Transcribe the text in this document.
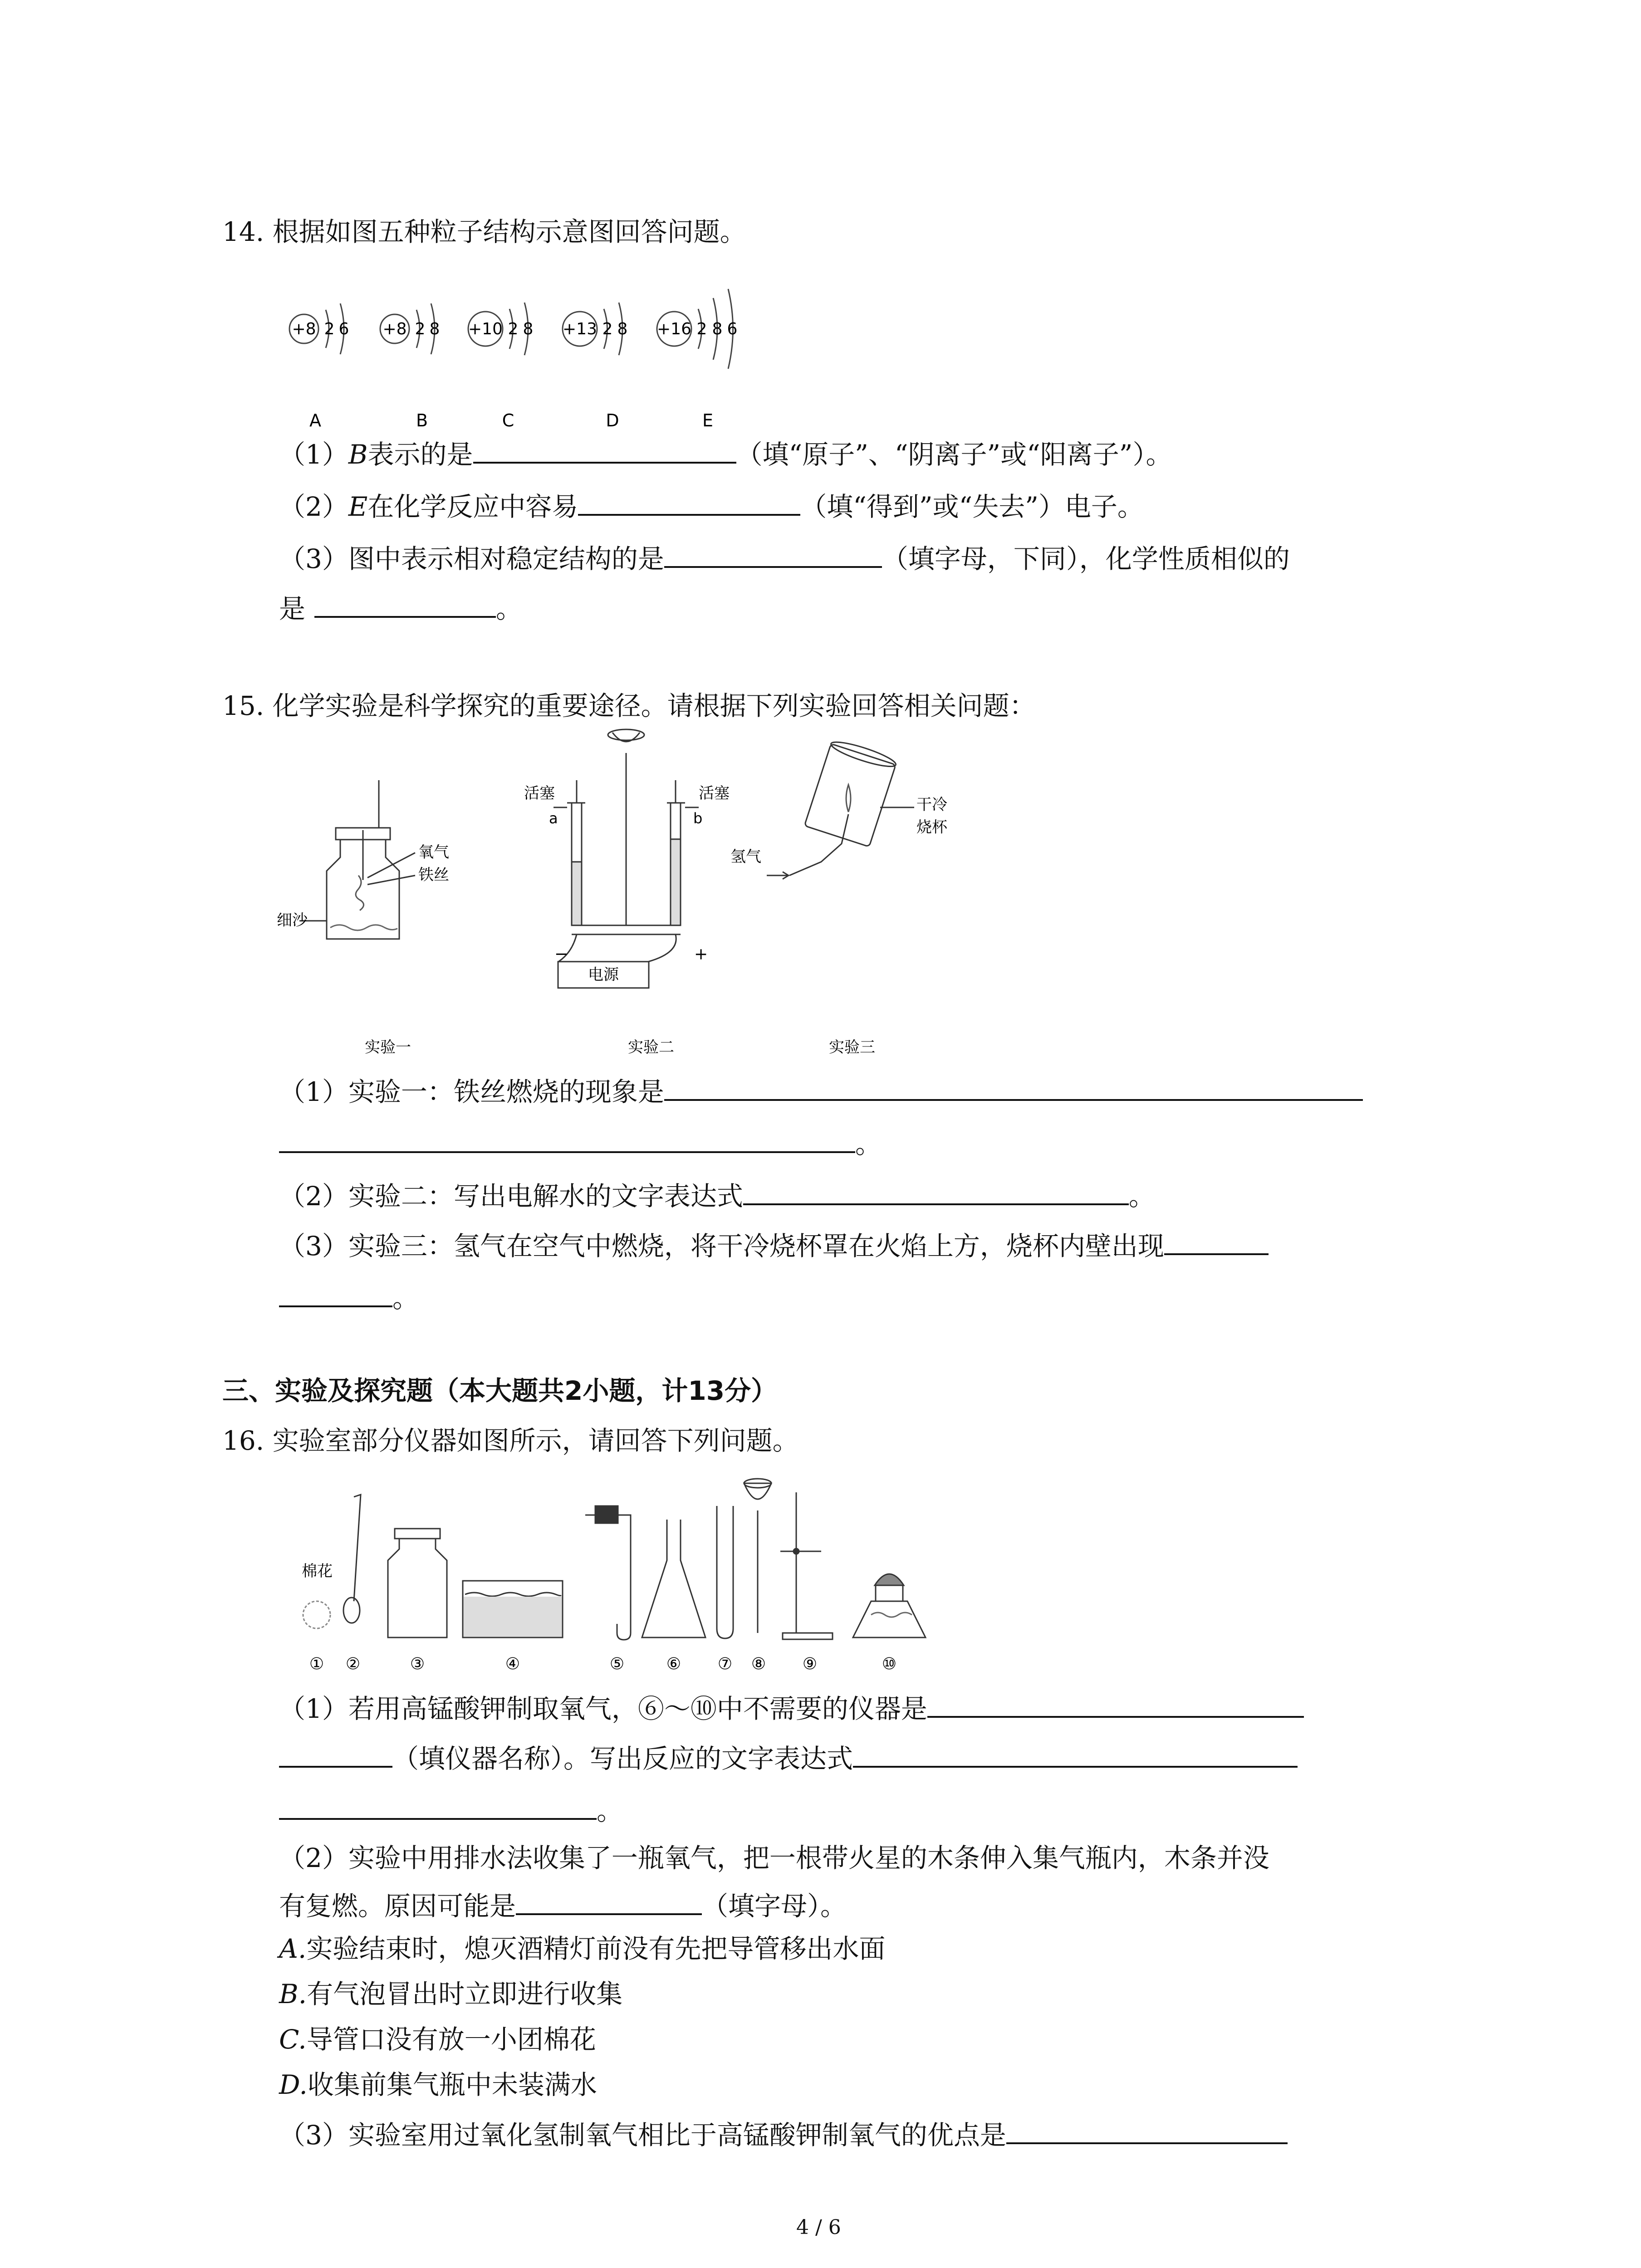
14. 根据如图五种粒子结构示意图回答问题。
+8 2 6 +8 2 8 +10 2 8 +13 2 8 +16 2 8 6
A	B	C	D	E
（1）B表示的是	（填“原子”、“阴离子”或“阳离子”）。
（2）E在化学反应中容易	（填“得到”或“失去”）电子。
（3）图中表示相对稳定结构的是	（填字母，下同），化学性质相似的
是	。
15. 化学实验是科学探究的重要途径。请根据下列实验回答相关问题：
氧气
铁丝
细沙
活塞	活塞
a	b
−	+
电源
干冷
烧杯
氢气
实验一	实验二	实验三
（1）实验一：铁丝燃烧的现象是
。
（2）实验二：写出电解水的文字表达式	。
（3）实验三：氢气在空气中燃烧，将干冷烧杯罩在火焰上方，烧杯内壁出现
。
三、实验及探究题（本大题共2小题，计13分）
16. 实验室部分仪器如图所示，请回答下列问题。
棉花
① ②	③	④	⑤	⑥ ⑦ ⑧ ⑨	⑩
（1）若用高锰酸钾制取氧气，⑥～⑩中不需要的仪器是
（填仪器名称）。写出反应的文字表达式
。
（2）实验中用排水法收集了一瓶氧气，把一根带火星的木条伸入集气瓶内，木条并没
有复燃。原因可能是	（填字母）。
A.实验结束时，熄灭酒精灯前没有先把导管移出水面
B.有气泡冒出时立即进行收集
C.导管口没有放一小团棉花
D.收集前集气瓶中未装满水
（3）实验室用过氧化氢制氧气相比于高锰酸钾制氧气的优点是
4 / 6
